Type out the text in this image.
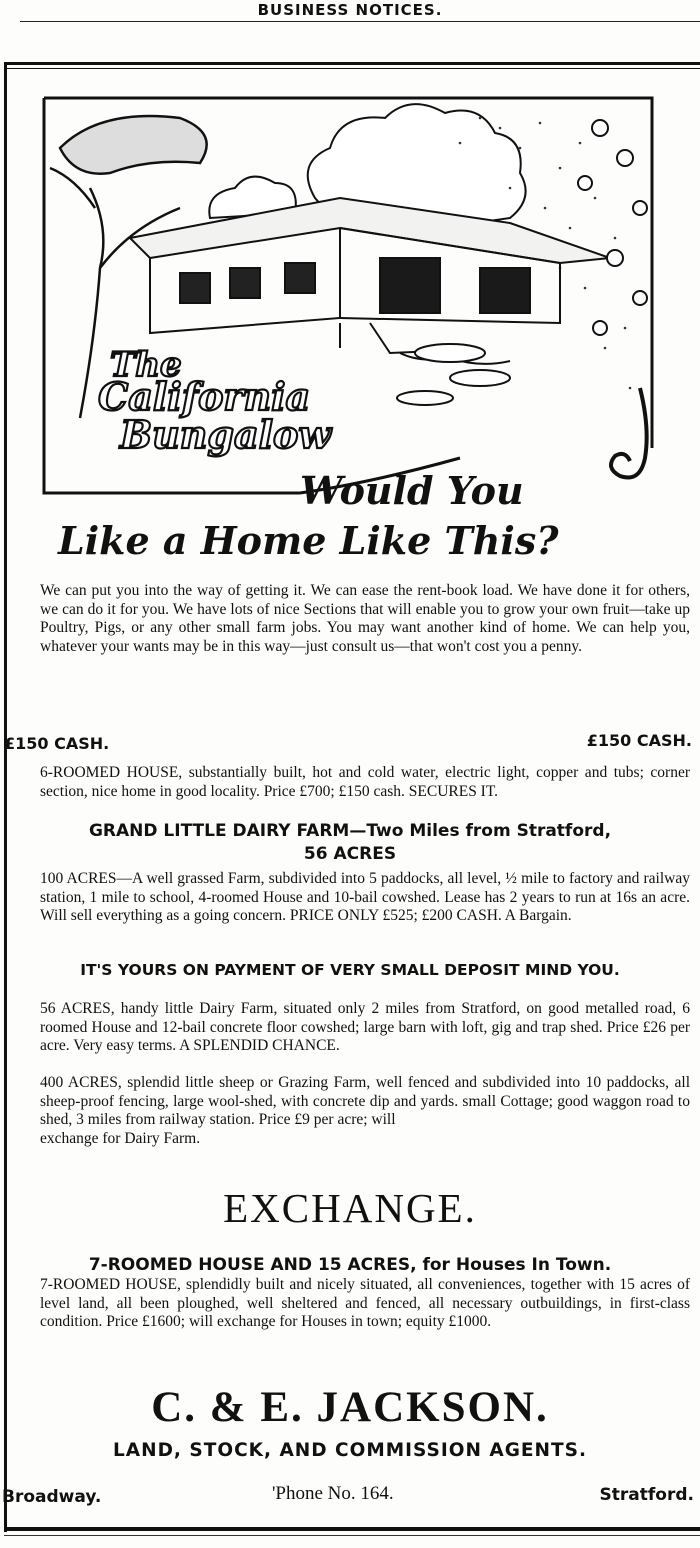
BUSINESS NOTICES.
The
California
Bungalow
Would You
Like a Home Like This?

We can put you into the way of getting it. We can ease the rent-book load. We have done it for others, we can do it for you. We have lots of nice Sections that will enable you to grow your own fruit—take up Poultry, Pigs, or any other small farm jobs. You may want another kind of home. We can help you, whatever your wants may be in this way—just consult us—that won't cost you a penny.

£150 CASH.	£150 CASH.

6-ROOMED HOUSE, substantially built, hot and cold water, electric light, copper and tubs; corner section, nice home in good locality. Price £700; £150 cash. SECURES IT.

GRAND LITTLE DAIRY FARM—Two Miles from Stratford,
56 ACRES

100 ACRES—A well grassed Farm, subdivided into 5 paddocks, all level, ½ mile to factory and railway station, 1 mile to school, 4-roomed House and 10-bail cowshed. Lease has 2 years to run at 16s an acre. Will sell everything as a going concern. PRICE ONLY £525; £200 CASH. A Bargain.

IT'S YOURS ON PAYMENT OF VERY SMALL DEPOSIT MIND YOU.

56 ACRES, handy little Dairy Farm, situated only 2 miles from Stratford, on good metalled road, 6 roomed House and 12-bail concrete floor cowshed; large barn with loft, gig and trap shed. Price £26 per acre. Very easy terms. A SPLENDID CHANCE.

400 ACRES, splendid little sheep or Grazing Farm, well fenced and subdivided into 10 paddocks, all sheep-proof fencing, large wool-shed, with concrete dip and yards. small Cottage; good waggon road to shed, 3 miles from railway station. Price £9 per acre; will
exchange for Dairy Farm.

EXCHANGE.
7-ROOMED HOUSE AND 15 ACRES, for Houses In Town.

7-ROOMED HOUSE, splendidly built and nicely situated, all conveniences, together with 15 acres of level land, all been ploughed, well sheltered and fenced, all necessary outbuildings, in first-class condition. Price £1600; will exchange for Houses in town; equity £1000.

C. & E. JACKSON.
LAND, STOCK, AND COMMISSION AGENTS.
Broadway.	'Phone No. 164.	Stratford.
